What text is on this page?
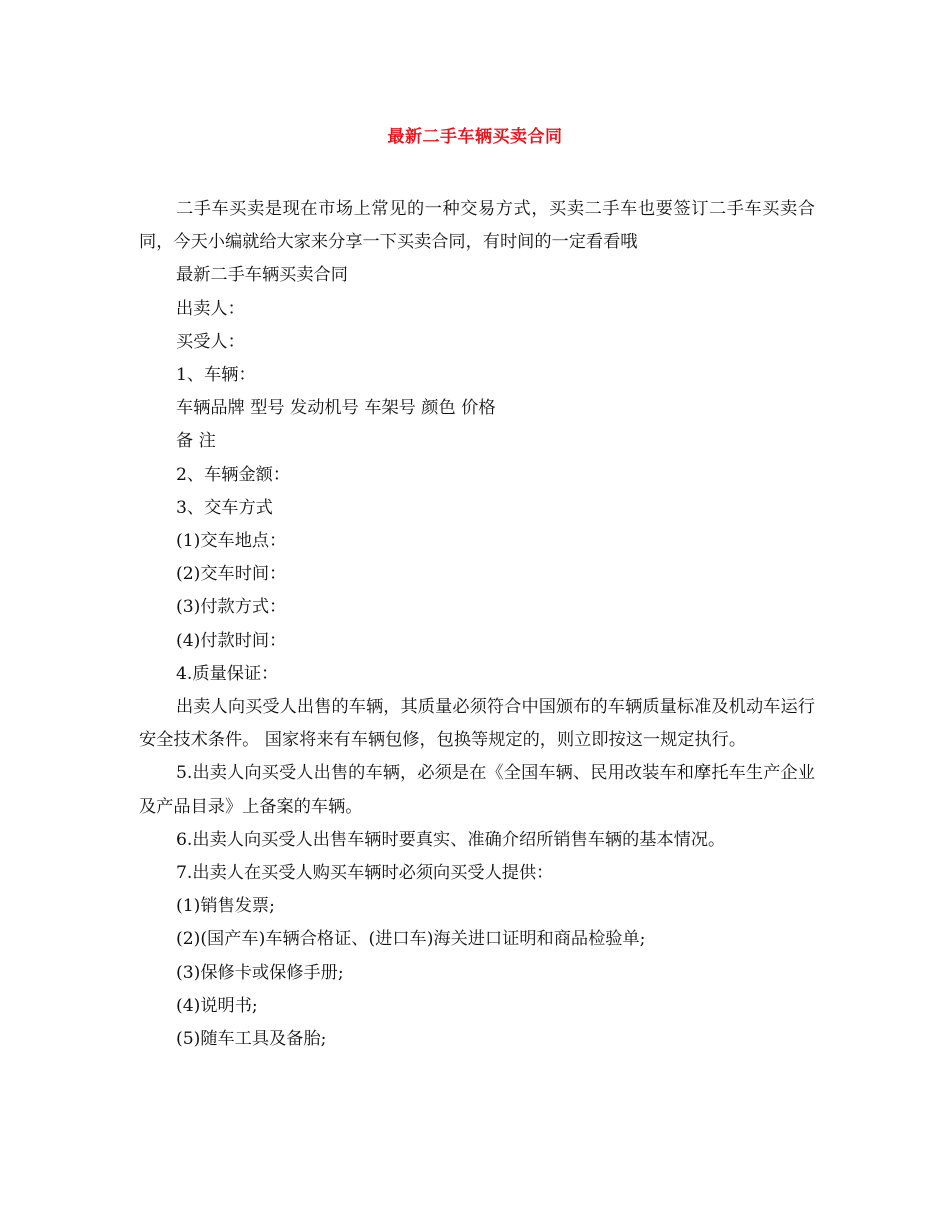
最新二手车辆买卖合同

二手车买卖是现在市场上常见的一种交易方式，买卖二手车也要签订二手车买卖合同，今天小编就给大家来分享一下买卖合同，有时间的一定看看哦

最新二手车辆买卖合同

出卖人：

买受人：

1、车辆：

车辆品牌 型号 发动机号 车架号 颜色 价格

备 注

2、车辆金额：

3、交车方式

(1)交车地点：

(2)交车时间：

(3)付款方式：

(4)付款时间：

4.质量保证：

出卖人向买受人出售的车辆，其质量必须符合中国颁布的车辆质量标准及机动车运行安全技术条件。 国家将来有车辆包修，包换等规定的，则立即按这一规定执行。

5.出卖人向买受人出售的车辆，必须是在《全国车辆、民用改装车和摩托车生产企业及产品目录》上备案的车辆。

6.出卖人向买受人出售车辆时要真实、准确介绍所销售车辆的基本情况。

7.出卖人在买受人购买车辆时必须向买受人提供：

(1)销售发票;

(2)(国产车)车辆合格证、(进口车)海关进口证明和商品检验单;

(3)保修卡或保修手册;

(4)说明书;

(5)随车工具及备胎;
